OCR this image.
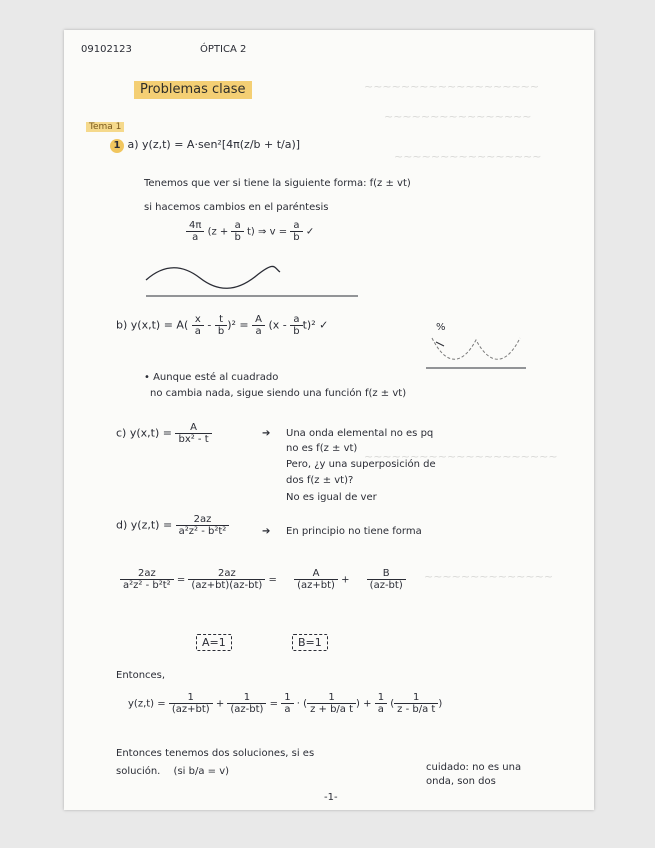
~~~~~~~~~~~~~~~~~~~
~~~~~~~~~~~~~~~~
~~~~~~~~~~~~~~~~
~~~~~~~~~~~~~~~~~~~~~
~~~~~~~~~~~~~~
09102123	ÓPTICA 2
Problemas clase
Tema 1
1 a) y(z,t) = A·sen²[4π(z/b + t/a)]
Tenemos que ver si tiene la siguiente forma: f(z ± vt)
si hacemos cambios en el paréntesis
$\frac{4\pi}{a} (z + \frac{a}{b} t)$ ⇒ $v = \frac{a}{b}$ ✓
b) $y(x,t) = A( \frac{x}{a} - \frac{t}{b} )^2 = \frac{A}{a} (x - \frac{a}{b} t)^2$ ✓	%
• Aunque esté al cuadrado
no cambia nada, sigue siendo una función f(z ± vt)
c) $y(x,t) = \frac{A}{\text{bx² - t}}$	➔ Una onda elemental no es pq
no es f(z ± vt)
Pero, ¿y una superposición de
dos f(z ± vt)?
No es igual de ver
d) $y(z,t) = \frac{2az}{\text{a²z² - b²t²}}$	➔ En principio no tiene forma
$\frac{2az}{\text{a²z² - b²t²}} = \frac{2az}{(az+bt)(az-bt)} = \frac{A}{(az+bt)} + \frac{B}{(az-bt)}$
A=1	B=1
Entonces,
$y(z,t) = \frac{1}{(az+bt)} + \frac{1}{(az-bt)} = \frac{1}{a}$ · ( $\frac{1}{\text{z + b/a t}}$ ) + $\frac{1}{a}$ ( $\frac{1}{\text{z - b/a t}}$ )
Entonces tenemos dos soluciones, si es
solución. (si b/a = v)	cuidado: no es una
onda, son dos
-1-
